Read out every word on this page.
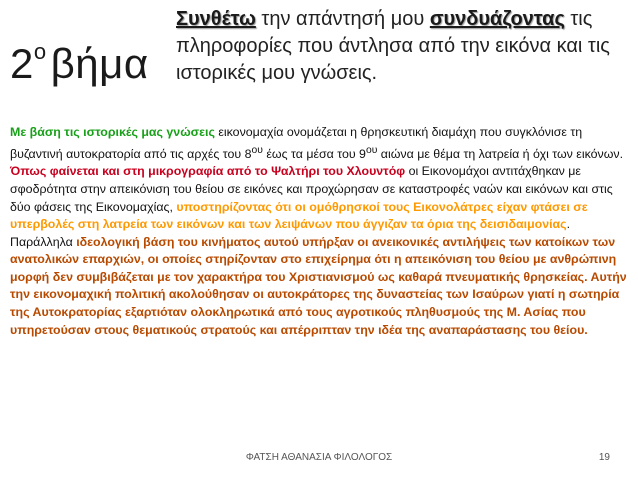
$2^o\beta ή\mu\alpha$
Συνθέτω την απάντησή μου συνδυάζοντας τις πληροφορίες που άντλησα από την εικόνα και τις ιστορικές μου γνώσεις.
Με βάση τις ιστορικές μας γνώσεις εικονομαχία ονομάζεται η θρησκευτική διαμάχη που συγκλόνισε τη βυζαντινή αυτοκρατορία από τις αρχές του $8^{o\upsilon}$ έως τα μέσα του $9^{o\upsilon}$ αιώνα με θέμα τη λατρεία ή όχι των εικόνων.
Όπως φαίνεται και στη μικρογραφία από το Ψαλτήρι του Χλουντόφ οι Εικονομάχοι αντιτάχθηκαν με σφοδρότητα στην απεικόνιση του θείου σε εικόνες και προχώρησαν σε καταστροφές ναών και εικόνων και στις δύο φάσεις της Εικονομαχίας, υποστηρίζοντας ότι οι ομόθρησκοί τους Εικονολάτρες είχαν φτάσει σε υπερβολές στη λατρεία των εικόνων και των λειψάνων που άγγιζαν τα όρια της δεισιδαιμονίας. Παράλληλα ιδεολογική βάση του κινήματος αυτού υπήρξαν οι ανεικονικές αντιλήψεις των κατοίκων των ανατολικών επαρχιών, οι οποίες στηρίζονταν στο επιχείρημα ότι η απεικόνιση του θείου με ανθρώπινη μορφή δεν συμβιβάζεται με τον χαρακτήρα του Χριστιανισμού ως καθαρά πνευματικής θρησκείας. Αυτήν την εικονομαχική πολιτική ακολούθησαν οι αυτοκράτορες της δυναστείας των Ισαύρων γιατί η σωτηρία της Αυτοκρατορίας εξαρτιόταν ολοκληρωτικά από τους αγροτικούς πληθυσμούς της Μ. Ασίας που υπηρετούσαν στους θεματικούς στρατούς και απέρριπταν την ιδέα της αναπαράστασης του θείου.
ΦΑΤΣΗ ΑΘΑΝΑΣΙΑ ΦΙΛΟΛΟΓΟΣ	19
